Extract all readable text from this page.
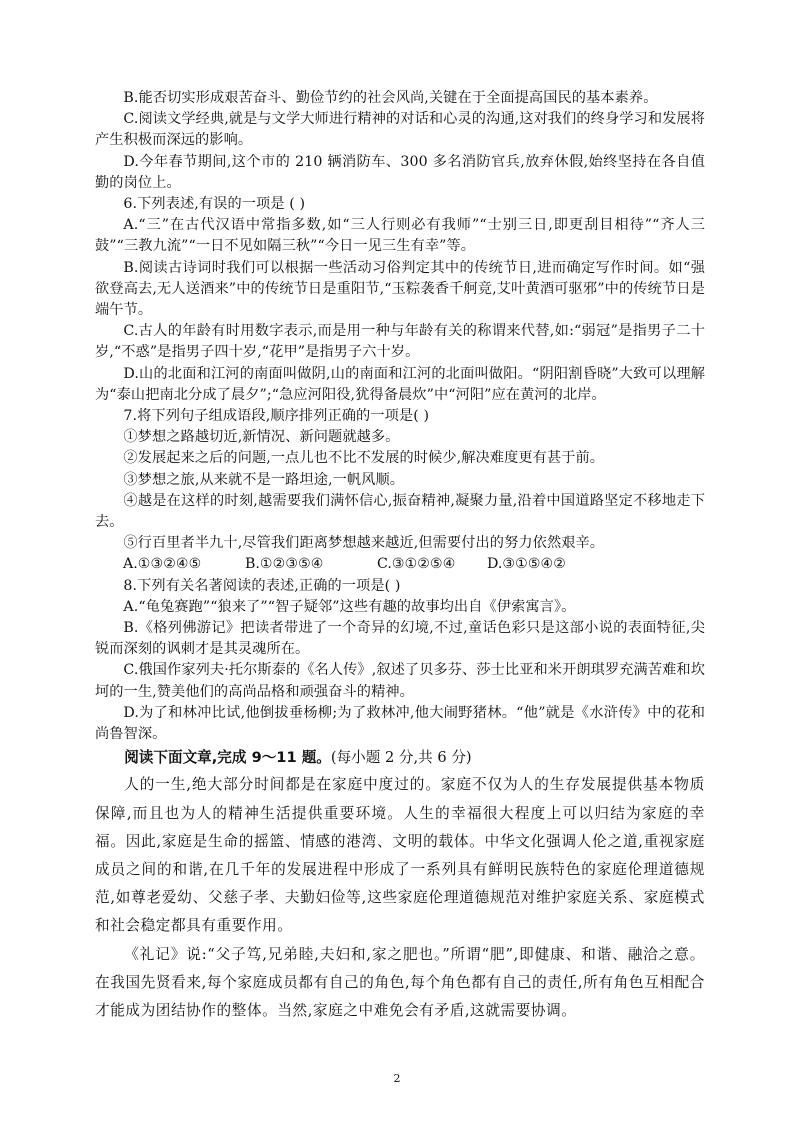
B.能否切实形成艰苦奋斗、勤俭节约的社会风尚,关键在于全面提高国民的基本素养。

C.阅读文学经典,就是与文学大师进行精神的对话和心灵的沟通,这对我们的终身学习和发展将产生积极而深远的影响。

D.今年春节期间,这个市的 210 辆消防车、300 多名消防官兵,放弃休假,始终坚持在各自值勤的岗位上。

6.下列表述,有误的一项是 ( )

A.“三”在古代汉语中常指多数,如“三人行则必有我师”“士别三日,即更刮目相待”“齐人三鼓”“三教九流”“一日不见如隔三秋”“今日一见三生有幸”等。

B.阅读古诗词时我们可以根据一些活动习俗判定其中的传统节日,进而确定写作时间。如“强欲登高去,无人送酒来”中的传统节日是重阳节,“玉粽袭香千舸竞,艾叶黄酒可驱邪”中的传统节日是端午节。

C.古人的年龄有时用数字表示,而是用一种与年龄有关的称谓来代替,如:“弱冠”是指男子二十岁,“不惑”是指男子四十岁,“花甲”是指男子六十岁。

D.山的北面和江河的南面叫做阴,山的南面和江河的北面叫做阳。“阴阳割昏晓”大致可以理解为“泰山把南北分成了晨夕”;“急应河阳役,犹得备晨炊”中“河阳”应在黄河的北岸。

7.将下列句子组成语段,顺序排列正确的一项是( )

①梦想之路越切近,新情况、新问题就越多。

②发展起来之后的问题,一点儿也不比不发展的时候少,解决难度更有甚于前。

③梦想之旅,从来就不是一路坦途,一帆风顺。

④越是在这样的时刻,越需要我们满怀信心,振奋精神,凝聚力量,沿着中国道路坚定不移地走下去。

⑤行百里者半九十,尽管我们距离梦想越来越近,但需要付出的努力依然艰辛。

A.①③②④⑤	B.①②③⑤④	C.③①②⑤④ D.③①⑤④②

8.下列有关名著阅读的表述,正确的一项是( )

A.“龟兔赛跑”“狼来了”“智子疑邻”这些有趣的故事均出自《伊索寓言》。

B.《格列佛游记》把读者带进了一个奇异的幻境,不过,童话色彩只是这部小说的表面特征,尖锐而深刻的讽刺才是其灵魂所在。

C.俄国作家列夫·托尔斯泰的《名人传》,叙述了贝多芬、莎士比亚和米开朗琪罗充满苦难和坎坷的一生,赞美他们的高尚品格和顽强奋斗的精神。

D.为了和林冲比试,他倒拔垂杨柳;为了救林冲,他大闹野猪林。“他”就是《水浒传》中的花和尚鲁智深。

阅读下面文章,完成 9～11 题。(每小题 2 分,共 6 分)

人的一生,绝大部分时间都是在家庭中度过的。家庭不仅为人的生存发展提供基本物质保障,而且也为人的精神生活提供重要环境。人生的幸福很大程度上可以归结为家庭的幸福。因此,家庭是生命的摇篮、情感的港湾、文明的载体。中华文化强调人伦之道,重视家庭成员之间的和谐,在几千年的发展进程中形成了一系列具有鲜明民族特色的家庭伦理道德规范,如尊老爱幼、父慈子孝、夫勤妇俭等,这些家庭伦理道德规范对维护家庭关系、家庭模式和社会稳定都具有重要作用。

《礼记》说:“父子笃,兄弟睦,夫妇和,家之肥也。”所谓“肥”,即健康、和谐、融洽之意。在我国先贤看来,每个家庭成员都有自己的角色,每个角色都有自己的责任,所有角色互相配合才能成为团结协作的整体。当然,家庭之中难免会有矛盾,这就需要协调。

2
